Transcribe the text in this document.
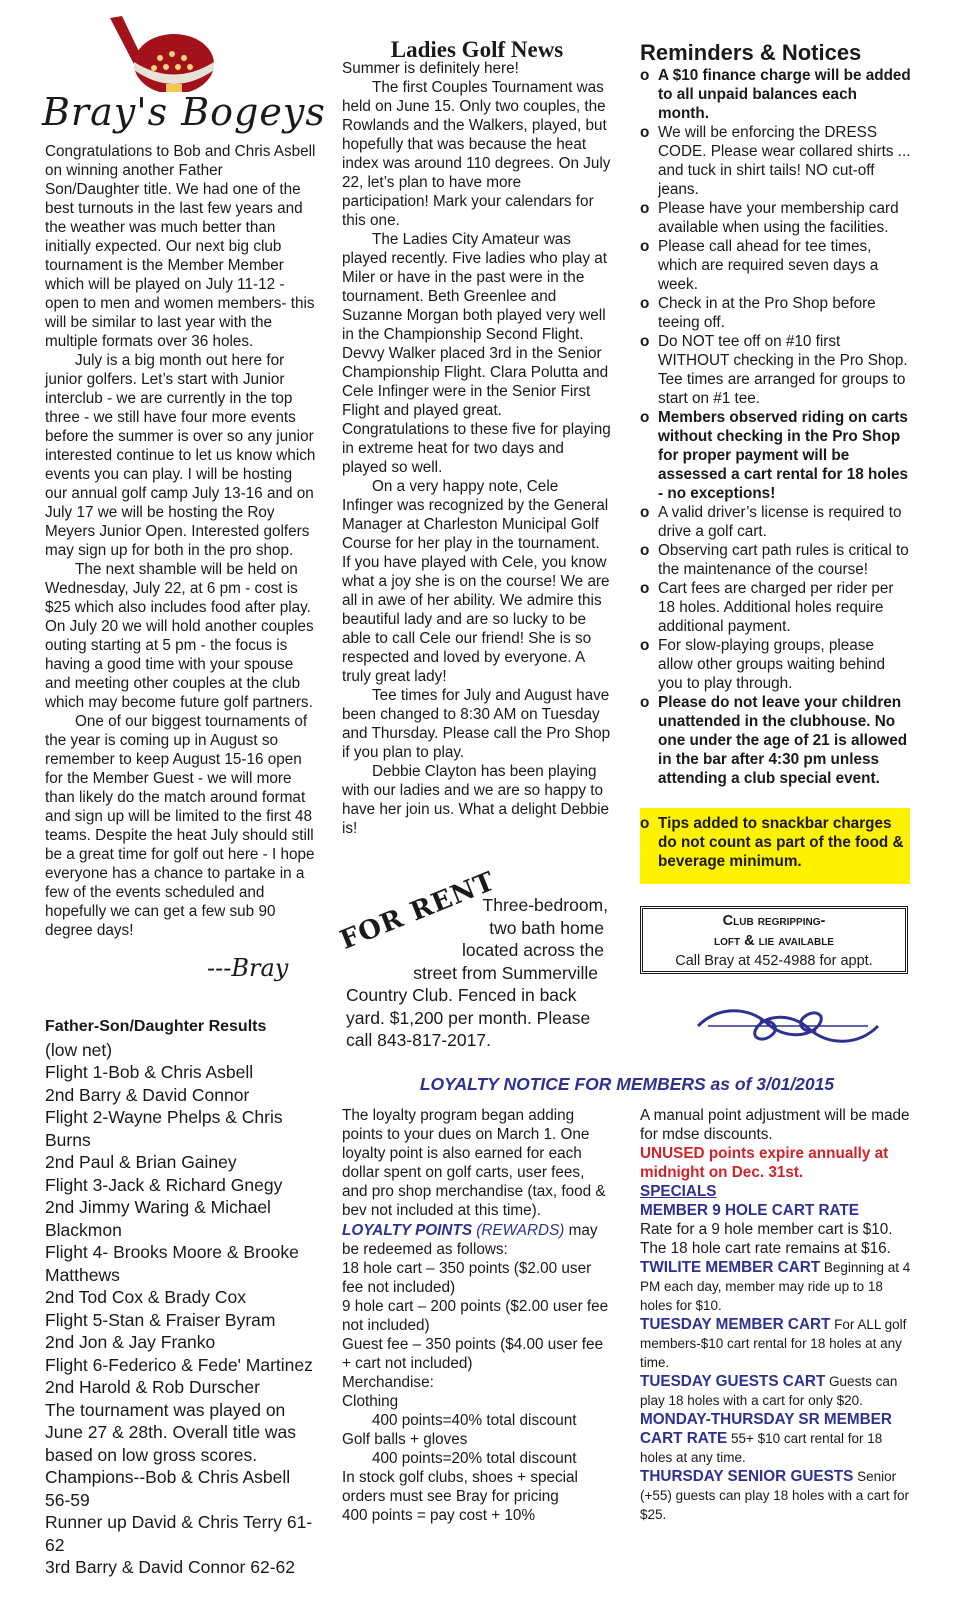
Bray's Bogeys

Congratulations to Bob and Chris Asbell on winning another Father Son/Daughter title. We had one of the best turnouts in the last few years and the weather was much better than initially expected. Our next big club tournament is the Member Member which will be played on July 11-12 - open to men and women members- this will be similar to last year with the multiple formats over 36 holes.

July is a big month out here for junior golfers. Let’s start with Junior interclub - we are currently in the top three - we still have four more events before the summer is over so any junior interested continue to let us know which events you can play. I will be hosting our annual golf camp July 13-16 and on July 17 we will be hosting the Roy Meyers Junior Open. Interested golfers may sign up for both in the pro shop.

The next shamble will be held on Wednesday, July 22, at 6 pm - cost is $25 which also includes food after play. On July 20 we will hold another couples outing starting at 5 pm - the focus is having a good time with your spouse and meeting other couples at the club which may become future golf partners.

One of our biggest tournaments of the year is coming up in August so remember to keep August 15-16 open for the Member Guest - we will more than likely do the match around format and sign up will be limited to the first 48 teams. Despite the heat July should still be a great time for golf out here - I hope everyone has a chance to partake in a few of the events scheduled and hopefully we can get a few sub 90 degree days!

---Bray

Father-Son/Daughter Results

(low net)

Flight 1-Bob & Chris Asbell

2nd Barry & David Connor

Flight 2-Wayne Phelps & Chris Burns

2nd Paul & Brian Gainey

Flight 3-Jack & Richard Gnegy

2nd Jimmy Waring & Michael Blackmon

Flight 4- Brooks Moore & Brooke Matthews

2nd Tod Cox & Brady Cox

Flight 5-Stan & Fraiser Byram

2nd Jon & Jay Franko

Flight 6-Federico & Fede' Martinez

2nd Harold & Rob Durscher

The tournament was played on June 27 & 28th. Overall title was based on low gross scores.

Champions--Bob & Chris Asbell 56-59

Runner up David & Chris Terry 61-62

3rd Barry & David Connor 62-62

Ladies Golf News

Summer is definitely here!

The first Couples Tournament was held on June 15. Only two couples, the Rowlands and the Walkers, played, but hopefully that was because the heat index was around 110 degrees. On July 22, let’s plan to have more participation! Mark your calendars for this one.

The Ladies City Amateur was played recently. Five ladies who play at Miler or have in the past were in the tournament. Beth Greenlee and Suzanne Morgan both played very well in the Championship Second Flight. Devvy Walker placed 3rd in the Senior Championship Flight. Clara Polutta and Cele Infinger were in the Senior First Flight and played great. Congratulations to these five for playing in extreme heat for two days and played so well.

On a very happy note, Cele Infinger was recognized by the General Manager at Charleston Municipal Golf Course for her play in the tournament. If you have played with Cele, you know what a joy she is on the course! We are all in awe of her ability. We admire this beautiful lady and are so lucky to be able to call Cele our friend! She is so respected and loved by everyone. A truly great lady!

Tee times for July and August have been changed to 8:30 AM on Tuesday and Thursday. Please call the Pro Shop if you plan to play.

Debbie Clayton has been playing with our ladies and we are so happy to have her join us. What a delight Debbie is!

FOR RENT

Three-bedroom,

two bath home

located across the

street from Summerville

Country Club. Fenced in back yard. $1,200 per month. Please call 843-817-2017.

Reminders & Notices
o A $10 finance charge will be added to all unpaid balances each month.
o We will be enforcing the DRESS CODE. Please wear collared shirts ... and tuck in shirt tails! NO cut-off jeans.
o Please have your membership card available when using the facilities.
o Please call ahead for tee times, which are required seven days a week.
o Check in at the Pro Shop before teeing off.
o Do NOT tee off on #10 first WITHOUT checking in the Pro Shop. Tee times are arranged for groups to start on #1 tee.
o Members observed riding on carts without checking in the Pro Shop for proper payment will be assessed a cart rental for 18 holes - no exceptions!
o A valid driver’s license is required to drive a golf cart.
o Observing cart path rules is critical to the maintenance of the course!
o Cart fees are charged per rider per 18 holes. Additional holes require additional payment.
o For slow-playing groups, please allow other groups waiting behind you to play through.
o Please do not leave your children unattended in the clubhouse. No one under the age of 21 is allowed in the bar after 4:30 pm unless attending a club special event.
o Tips added to snackbar charges do not count as part of the food & beverage minimum.
Club regripping-
loft & lie available
Call Bray at 452-4988 for appt.
LOYALTY NOTICE FOR MEMBERS as of 3/01/2015

The loyalty program began adding points to your dues on March 1. One loyalty point is also earned for each dollar spent on golf carts, user fees, and pro shop merchandise (tax, food & bev not included at this time).

LOYALTY POINTS (REWARDS) may be redeemed as follows:

18 hole cart – 350 points ($2.00 user fee not included)

9 hole cart – 200 points ($2.00 user fee not included)

Guest fee – 350 points ($4.00 user fee + cart not included)

Merchandise:

Clothing

400 points=40% total discount

Golf balls + gloves

400 points=20% total discount

In stock golf clubs, shoes + special orders must see Bray for pricing

400 points = pay cost + 10%

A manual point adjustment will be made for mdse discounts.

UNUSED points expire annually at midnight on Dec. 31st.

SPECIALS

MEMBER 9 HOLE CART RATE

Rate for a 9 hole member cart is $10.

The 18 hole cart rate remains at $16.

TWILITE MEMBER CART Beginning at 4 PM each day, member may ride up to 18 holes for $10.

TUESDAY MEMBER CART For ALL golf members-$10 cart rental for 18 holes at any time.

TUESDAY GUESTS CART Guests can play 18 holes with a cart for only $20.

MONDAY-THURSDAY SR MEMBER CART RATE 55+ $10 cart rental for 18 holes at any time.

THURSDAY SENIOR GUESTS Senior (+55) guests can play 18 holes with a cart for $25.
